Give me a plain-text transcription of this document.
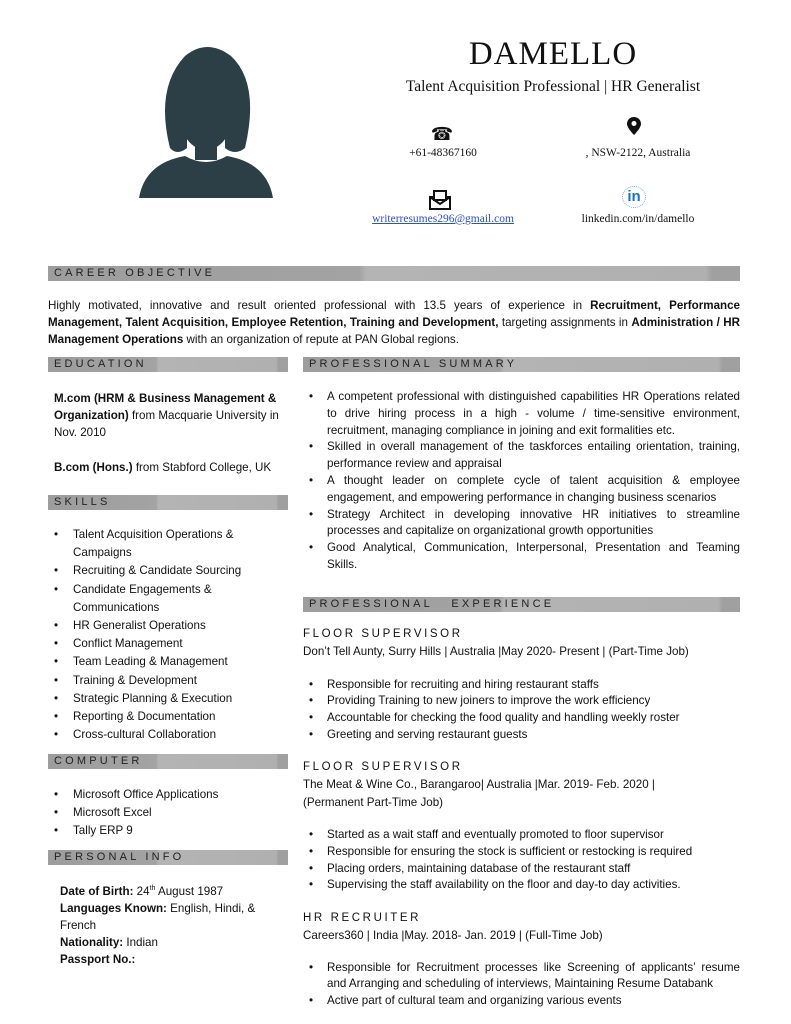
DAMELLO
Talent Acquisition Professional | HR Generalist
☎
+61-48367160	, NSW-2122, Australia
writerresumes296@gmail.com
in
linkedin.com/in/damello
CAREER OBJECTIVE
Highly motivated, innovative and result oriented professional with 13.5 years of experience in Recruitment, Performance Management, Talent Acquisition, Employee Retention, Training and Development, targeting assignments in Administration / HR Management Operations with an organization of repute at PAN Global regions.
EDUCATION
M.com (HRM & Business Management & Organization) from Macquarie University in Nov. 2010
B.com (Hons.) from Stabford College, UK
SKILLS
• Talent Acquisition Operations & Campaigns
• Recruiting & Candidate Sourcing
• Candidate Engagements & Communications
• HR Generalist Operations
• Conflict Management
• Team Leading & Management
• Training & Development
• Strategic Planning & Execution
• Reporting & Documentation
• Cross-cultural Collaboration
COMPUTER
• Microsoft Office Applications
• Microsoft Excel
• Tally ERP 9
PERSONAL INFO
Date of Birth: 24th August 1987
Languages Known: English, Hindi, & French
Nationality: Indian
Passport No.:
PROFESSIONAL SUMMARY
• A competent professional with distinguished capabilities HR Operations related to drive hiring process in a high - volume / time-sensitive environment, recruitment, managing compliance in joining and exit formalities etc.
• Skilled in overall management of the taskforces entailing orientation, training, performance review and appraisal
• A thought leader on complete cycle of talent acquisition & employee engagement, and empowering performance in changing business scenarios
• Strategy Architect in developing innovative HR initiatives to streamline processes and capitalize on organizational growth opportunities
• Good Analytical, Communication, Interpersonal, Presentation and Teaming Skills.
PROFESSIONAL   EXPERIENCE
FLOOR SUPERVISOR
Don’t Tell Aunty, Surry Hills | Australia |May 2020- Present | (Part-Time Job)
• Responsible for recruiting and hiring restaurant staffs
• Providing Training to new joiners to improve the work efficiency
• Accountable for checking the food quality and handling weekly roster
• Greeting and serving restaurant guests
FLOOR SUPERVISOR
The Meat & Wine Co., Barangaroo| Australia |Mar. 2019- Feb. 2020 | (Permanent Part-Time Job)
• Started as a wait staff and eventually promoted to floor supervisor
• Responsible for ensuring the stock is sufficient or restocking is required
• Placing orders, maintaining database of the restaurant staff
• Supervising the staff availability on the floor and day-to day activities.
HR RECRUITER
Careers360 | India |May. 2018- Jan. 2019 | (Full-Time Job)
• Responsible for Recruitment processes like Screening of applicants’ resume and Arranging and scheduling of interviews, Maintaining Resume Databank
• Active part of cultural team and organizing various events
